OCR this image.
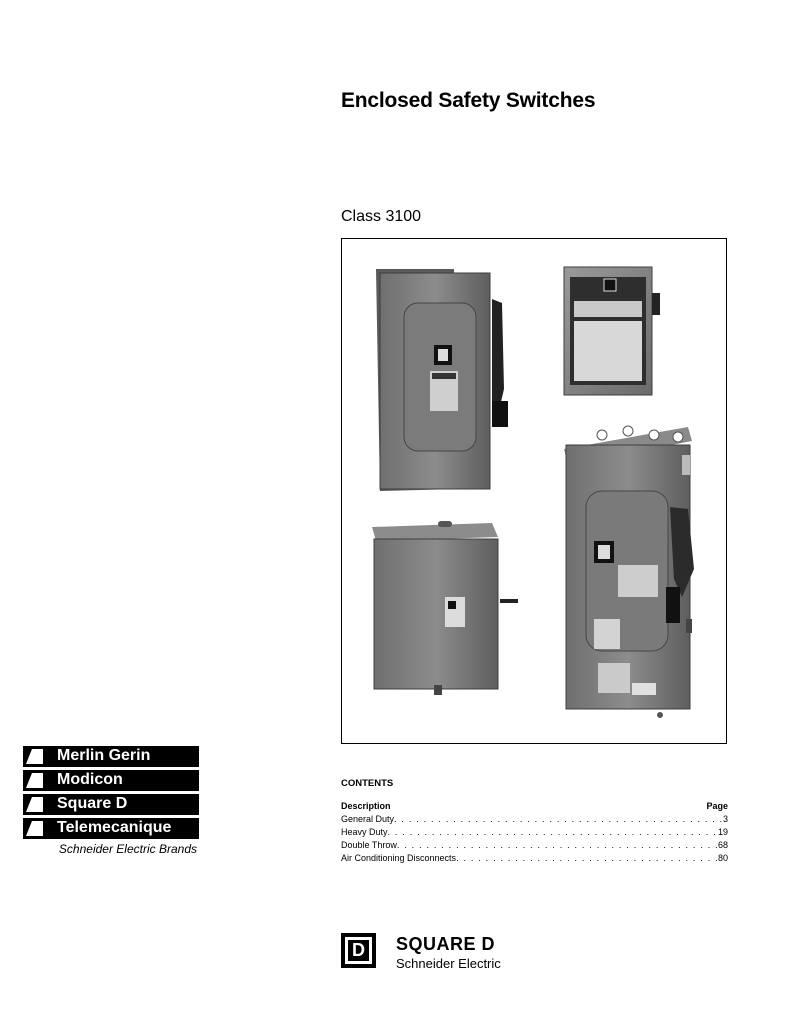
Enclosed Safety Switches
Class 3100
Merlin Gerin
Modicon
Square D
Telemecanique
Schneider Electric Brands
CONTENTS
Description	Page
General Duty . . .	3
Heavy Duty . . .	19
Double Throw . . .	68
Air Conditioning Disconnects . . .	80
D SQUARE D
Schneider Electric
